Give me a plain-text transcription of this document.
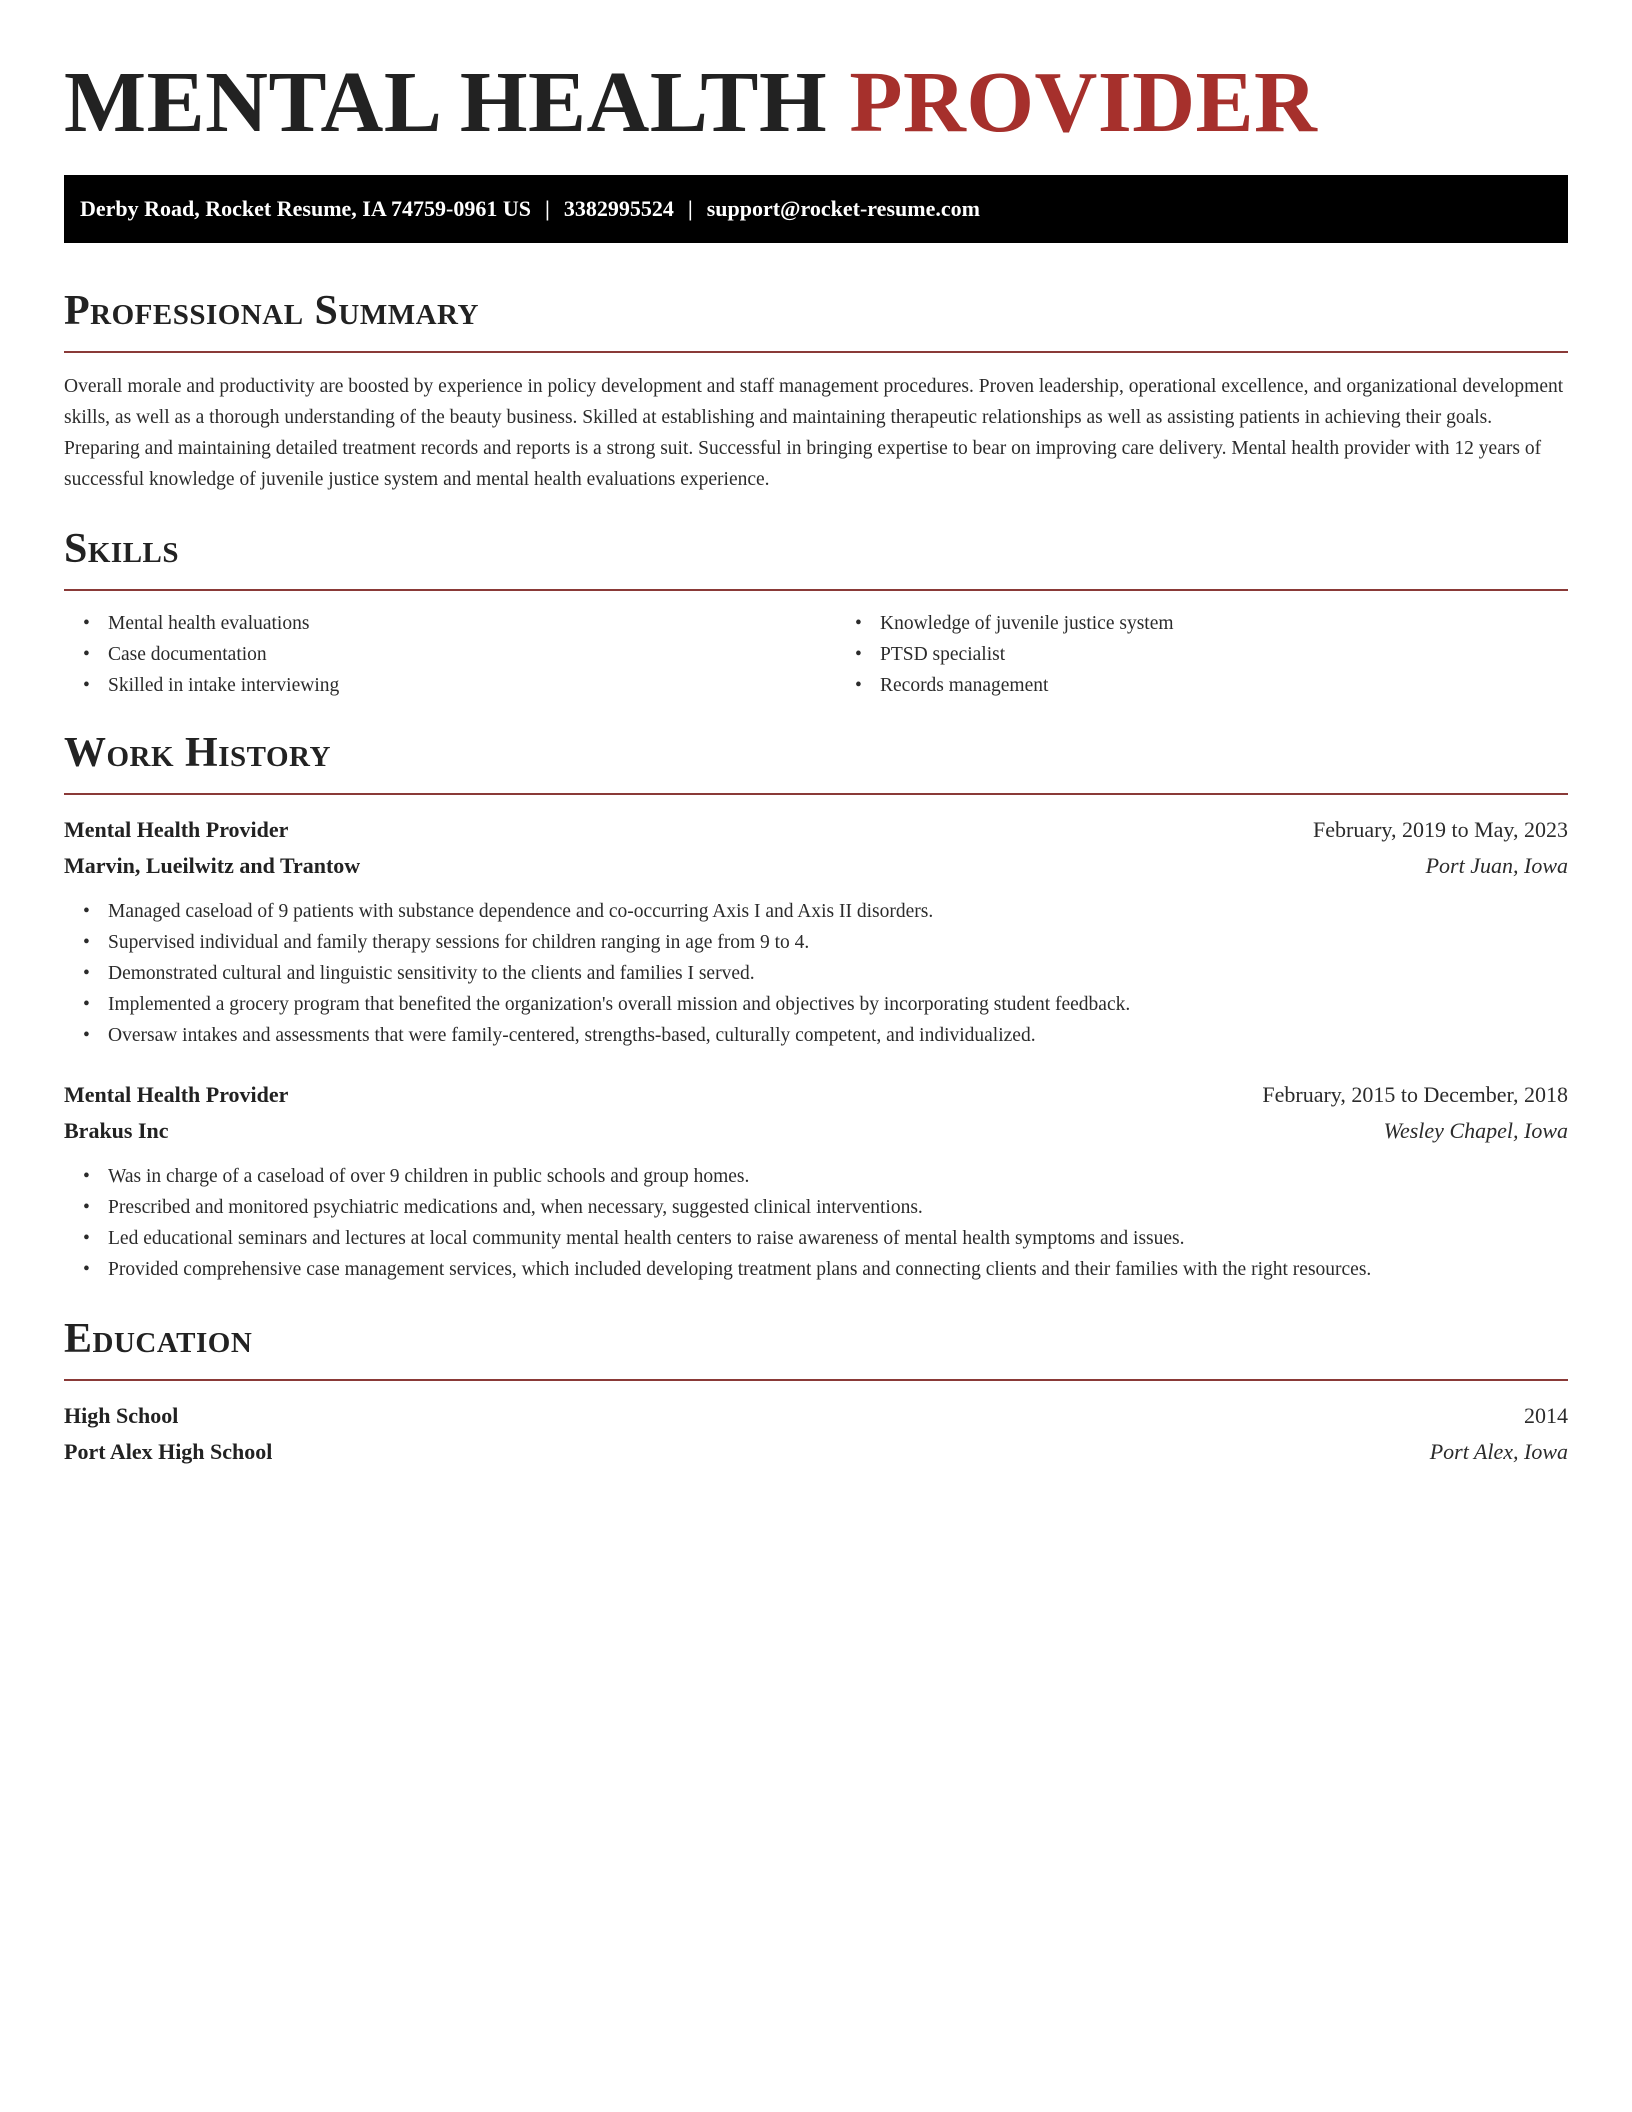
MENTAL HEALTH PROVIDER
Derby Road, Rocket Resume, IA 74759-0961 US | 3382995524 | support@rocket-resume.com
Professional Summary

Overall morale and productivity are boosted by experience in policy development and staff management procedures. Proven leadership, operational excellence, and organizational development skills, as well as a thorough understanding of the beauty business. Skilled at establishing and maintaining therapeutic relationships as well as assisting patients in achieving their goals. Preparing and maintaining detailed treatment records and reports is a strong suit. Successful in bringing expertise to bear on improving care delivery. Mental health provider with 12 years of successful knowledge of juvenile justice system and mental health evaluations experience.

Skills
• Mental health evaluations
• Case documentation
• Skilled in intake interviewing
• Knowledge of juvenile justice system
• PTSD specialist
• Records management
Work History
Mental Health Provider	February, 2019 to May, 2023
Marvin, Lueilwitz and Trantow	Port Juan, Iowa
• Managed caseload of 9 patients with substance dependence and co-occurring Axis I and Axis II disorders.
• Supervised individual and family therapy sessions for children ranging in age from 9 to 4.
• Demonstrated cultural and linguistic sensitivity to the clients and families I served.
• Implemented a grocery program that benefited the organization's overall mission and objectives by incorporating student feedback.
• Oversaw intakes and assessments that were family-centered, strengths-based, culturally competent, and individualized.
Mental Health Provider	February, 2015 to December, 2018
Brakus Inc	Wesley Chapel, Iowa
• Was in charge of a caseload of over 9 children in public schools and group homes.
• Prescribed and monitored psychiatric medications and, when necessary, suggested clinical interventions.
• Led educational seminars and lectures at local community mental health centers to raise awareness of mental health symptoms and issues.
• Provided comprehensive case management services, which included developing treatment plans and connecting clients and their families with the right resources.
Education
High School	2014
Port Alex High School	Port Alex, Iowa
